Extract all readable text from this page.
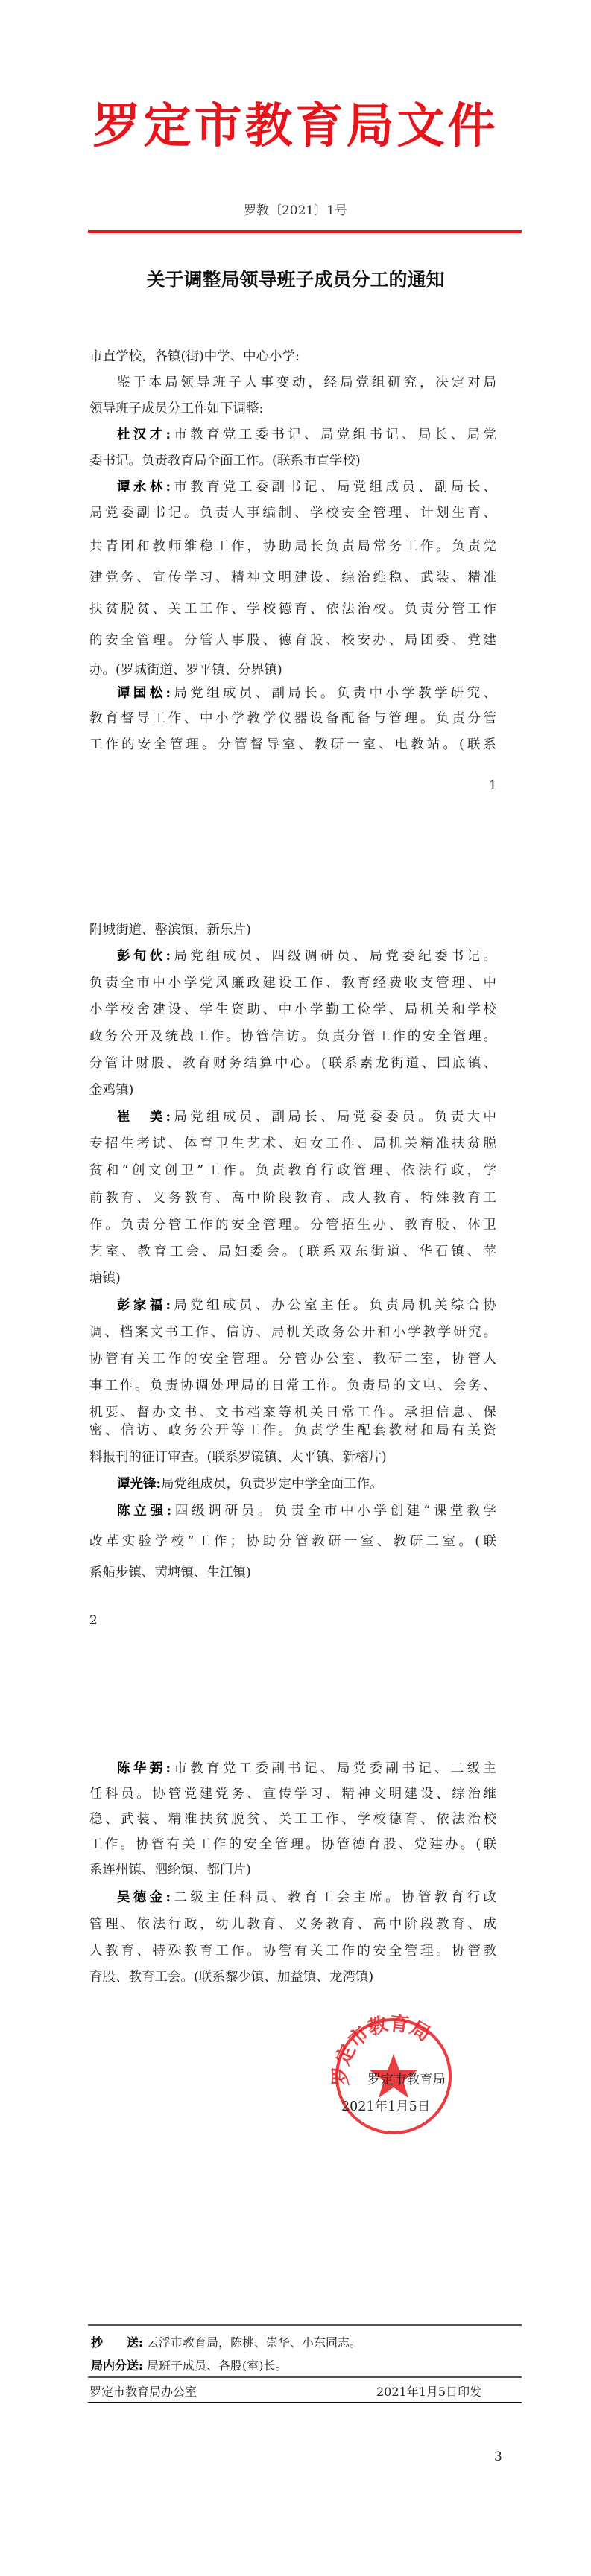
罗定市教育局文件
罗教〔2021〕1号
关于调整局领导班子成员分工的通知
市直学校，各镇(街)中学、中心小学:
鉴于本局领导班子人事变动，经局党组研究，决定对局
领导班子成员分工作如下调整:
杜汉才:市教育党工委书记、局党组书记、局长、局党
委书记。负责教育局全面工作。(联系市直学校)
谭永林:市教育党工委副书记、局党组成员、副局长、
局党委副书记。负责人事编制、学校安全管理、计划生育、
共青团和教师维稳工作，协助局长负责局常务工作。负责党
建党务、宣传学习、精神文明建设、综治维稳、武装、精准
扶贫脱贫、关工工作、学校德育、依法治校。负责分管工作
的安全管理。分管人事股、德育股、校安办、局团委、党建
办。(罗城街道、罗平镇、分界镇)
谭国松:局党组成员、副局长。负责中小学教学研究、
教育督导工作、中小学教学仪器设备配备与管理。负责分管
工作的安全管理。分管督导室、教研一室、电教站。(联系
1
附城街道、罄滨镇、新乐片)
彭旬伙:局党组成员、四级调研员、局党委纪委书记。
负责全市中小学党风廉政建设工作、教育经费收支管理、中
小学校舍建设、学生资助、中小学勤工俭学、局机关和学校
政务公开及统战工作。协管信访。负责分管工作的安全管理。
分管计财股、教育财务结算中心。(联系素龙街道、围底镇、
金鸡镇)
崔　美:局党组成员、副局长、局党委委员。负责大中
专招生考试、体育卫生艺术、妇女工作、局机关精准扶贫脱
贫和“创文创卫”工作。负责教育行政管理、依法行政，学
前教育、义务教育、高中阶段教育、成人教育、特殊教育工
作。负责分管工作的安全管理。分管招生办、教育股、体卫
艺室、教育工会、局妇委会。(联系双东街道、华石镇、苹
塘镇)
彭家福:局党组成员、办公室主任。负责局机关综合协
调、档案文书工作、信访、局机关政务公开和小学教学研究。
协管有关工作的安全管理。分管办公室、教研二室，协管人
事工作。负责协调处理局的日常工作。负责局的文电、会务、
机要、督办文书、文书档案等机关日常工作。承担信息、保
密、信访、政务公开等工作。负责学生配套教材和局有关资
料报刊的征订审查。(联系罗镜镇、太平镇、新榕片)
谭光锋:局党组成员，负责罗定中学全面工作。
陈立强:四级调研员。负责全市中小学创建“课堂教学
改革实验学校”工作；协助分管教研一室、教研二室。(联
系船步镇、苪塘镇、生江镇)
2
陈华弼:市教育党工委副书记、局党委副书记、二级主
任科员。协管党建党务、宣传学习、精神文明建设、综治维
稳、武装、精准扶贫脱贫、关工工作、学校德育、依法治校
工作。协管有关工作的安全管理。协管德育股、党建办。(联
系连州镇、泗纶镇、都门片)
吴德金:二级主任科员、教育工会主席。协管教育行政
管理、依法行政，幼儿教育、义务教育、高中阶段教育、成
人教育、特殊教育工作。协管有关工作的安全管理。协管教
育股、教育工会。(联系黎少镇、加益镇、龙湾镇)
罗定市教育局
罗定市教育局
2021年1月5日
抄　　送: 云浮市教育局，陈桃、崇华、小东同志。
局内分送: 局班子成员、各股(室)长。
罗定市教育局办公室	2021年1月5日印发
3
